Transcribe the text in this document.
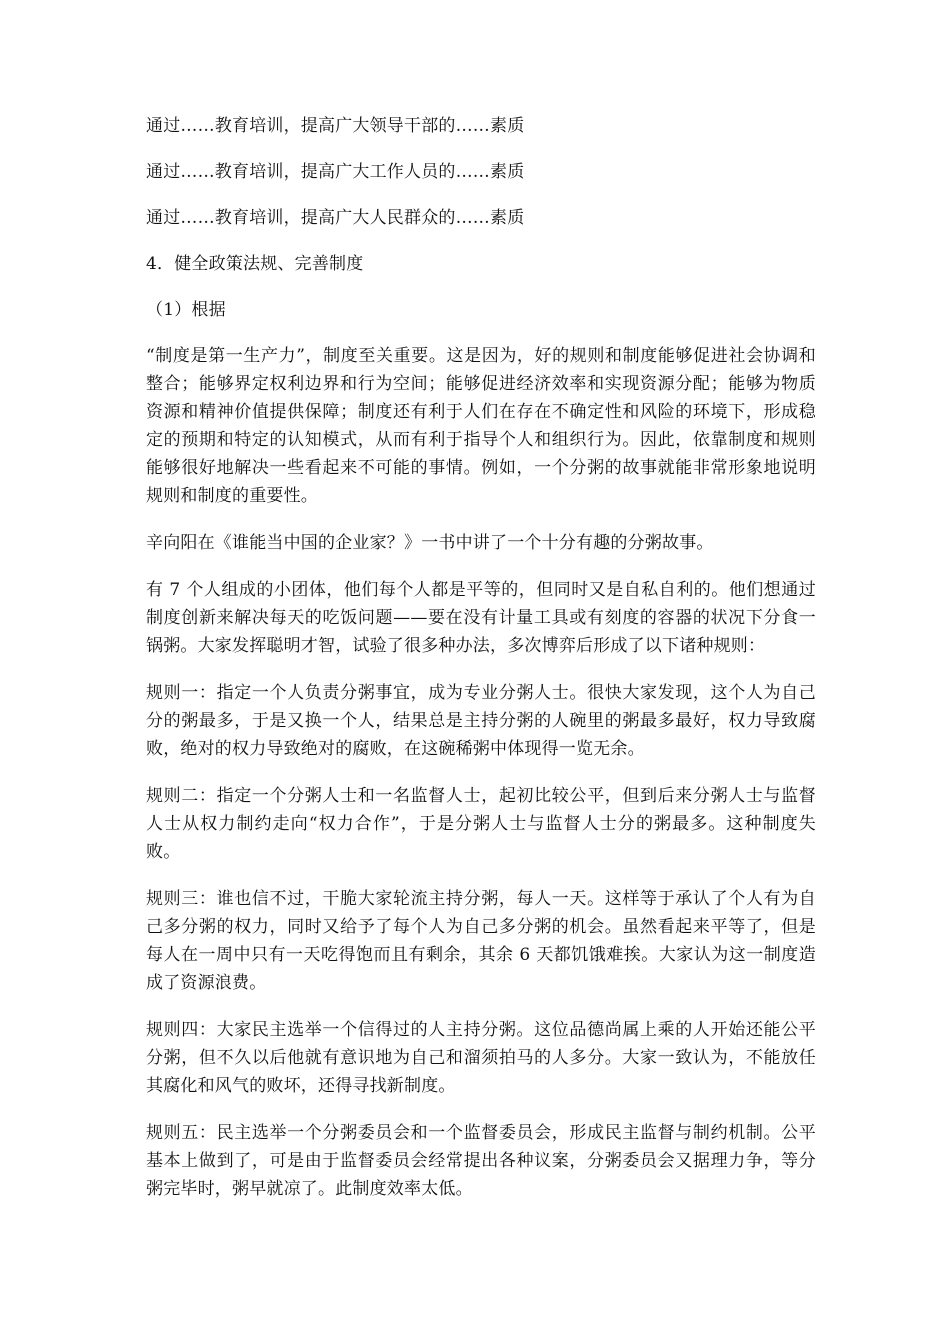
通过……教育培训，提高广大领导干部的……素质

通过……教育培训，提高广大工作人员的……素质

通过……教育培训，提高广大人民群众的……素质

4．健全政策法规、完善制度

（1）根据

“制度是第一生产力”，制度至关重要。这是因为，好的规则和制度能够促进社会协调和整合；能够界定权利边界和行为空间；能够促进经济效率和实现资源分配；能够为物质资源和精神价值提供保障；制度还有利于人们在存在不确定性和风险的环境下，形成稳定的预期和特定的认知模式，从而有利于指导个人和组织行为。因此，依靠制度和规则能够很好地解决一些看起来不可能的事情。例如，一个分粥的故事就能非常形象地说明规则和制度的重要性。

辛向阳在《谁能当中国的企业家？》一书中讲了一个十分有趣的分粥故事。

有 7 个人组成的小团体，他们每个人都是平等的，但同时又是自私自利的。他们想通过制度创新来解决每天的吃饭问题——要在没有计量工具或有刻度的容器的状况下分食一锅粥。大家发挥聪明才智，试验了很多种办法，多次博弈后形成了以下诸种规则：

规则一：指定一个人负责分粥事宜，成为专业分粥人士。很快大家发现，这个人为自己分的粥最多，于是又换一个人，结果总是主持分粥的人碗里的粥最多最好，权力导致腐败，绝对的权力导致绝对的腐败，在这碗稀粥中体现得一览无余。

规则二：指定一个分粥人士和一名监督人士，起初比较公平，但到后来分粥人士与监督人士从权力制约走向“权力合作”，于是分粥人士与监督人士分的粥最多。这种制度失败。

规则三：谁也信不过，干脆大家轮流主持分粥，每人一天。这样等于承认了个人有为自己多分粥的权力，同时又给予了每个人为自己多分粥的机会。虽然看起来平等了，但是每人在一周中只有一天吃得饱而且有剩余，其余 6 天都饥饿难挨。大家认为这一制度造成了资源浪费。

规则四：大家民主选举一个信得过的人主持分粥。这位品德尚属上乘的人开始还能公平分粥，但不久以后他就有意识地为自己和溜须拍马的人多分。大家一致认为，不能放任其腐化和风气的败坏，还得寻找新制度。

规则五：民主选举一个分粥委员会和一个监督委员会，形成民主监督与制约机制。公平基本上做到了，可是由于监督委员会经常提出各种议案，分粥委员会又据理力争，等分粥完毕时，粥早就凉了。此制度效率太低。
